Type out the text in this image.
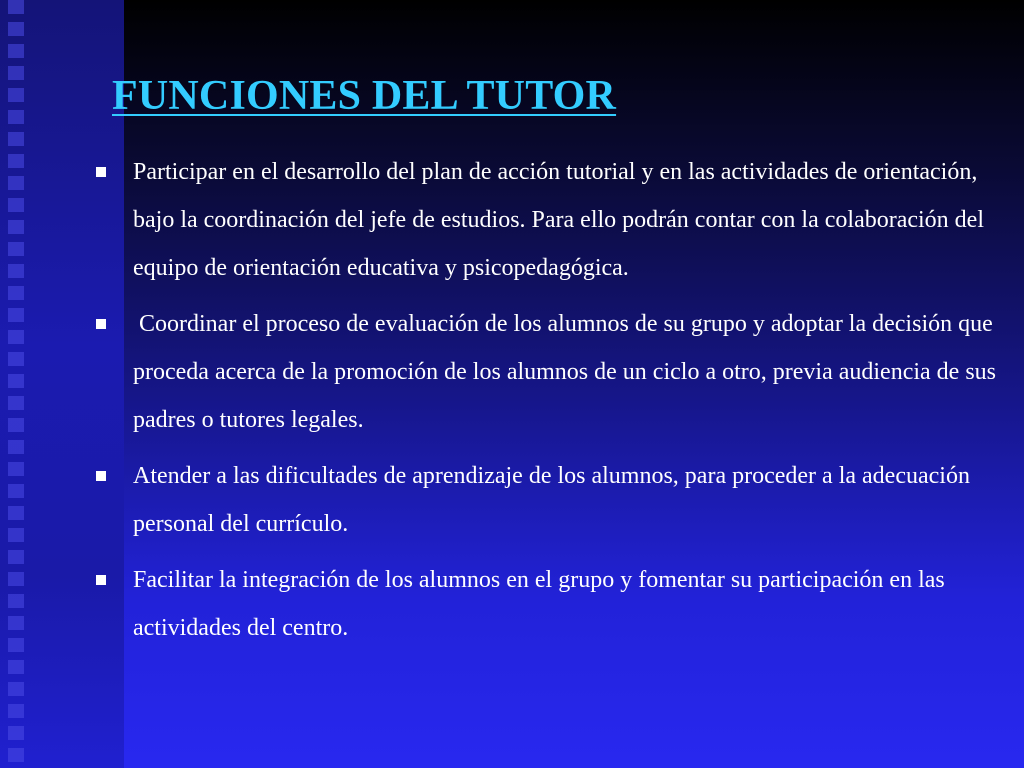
FUNCIONES DEL TUTOR
Participar en el desarrollo del plan de acción tutorial y en las actividades de orientación, bajo la coordinación del jefe de estudios. Para ello podrán contar con la colaboración del equipo de orientación educativa y psicopedagógica.
Coordinar el proceso de evaluación de los alumnos de su grupo y adoptar la decisión que proceda acerca de la promoción de los alumnos de un ciclo a otro, previa audiencia de sus padres o tutores legales.
Atender a las dificultades de aprendizaje de los alumnos, para proceder a la adecuación personal del currículo.
Facilitar la integración de los alumnos en el grupo y fomentar su participación en las actividades del centro.
